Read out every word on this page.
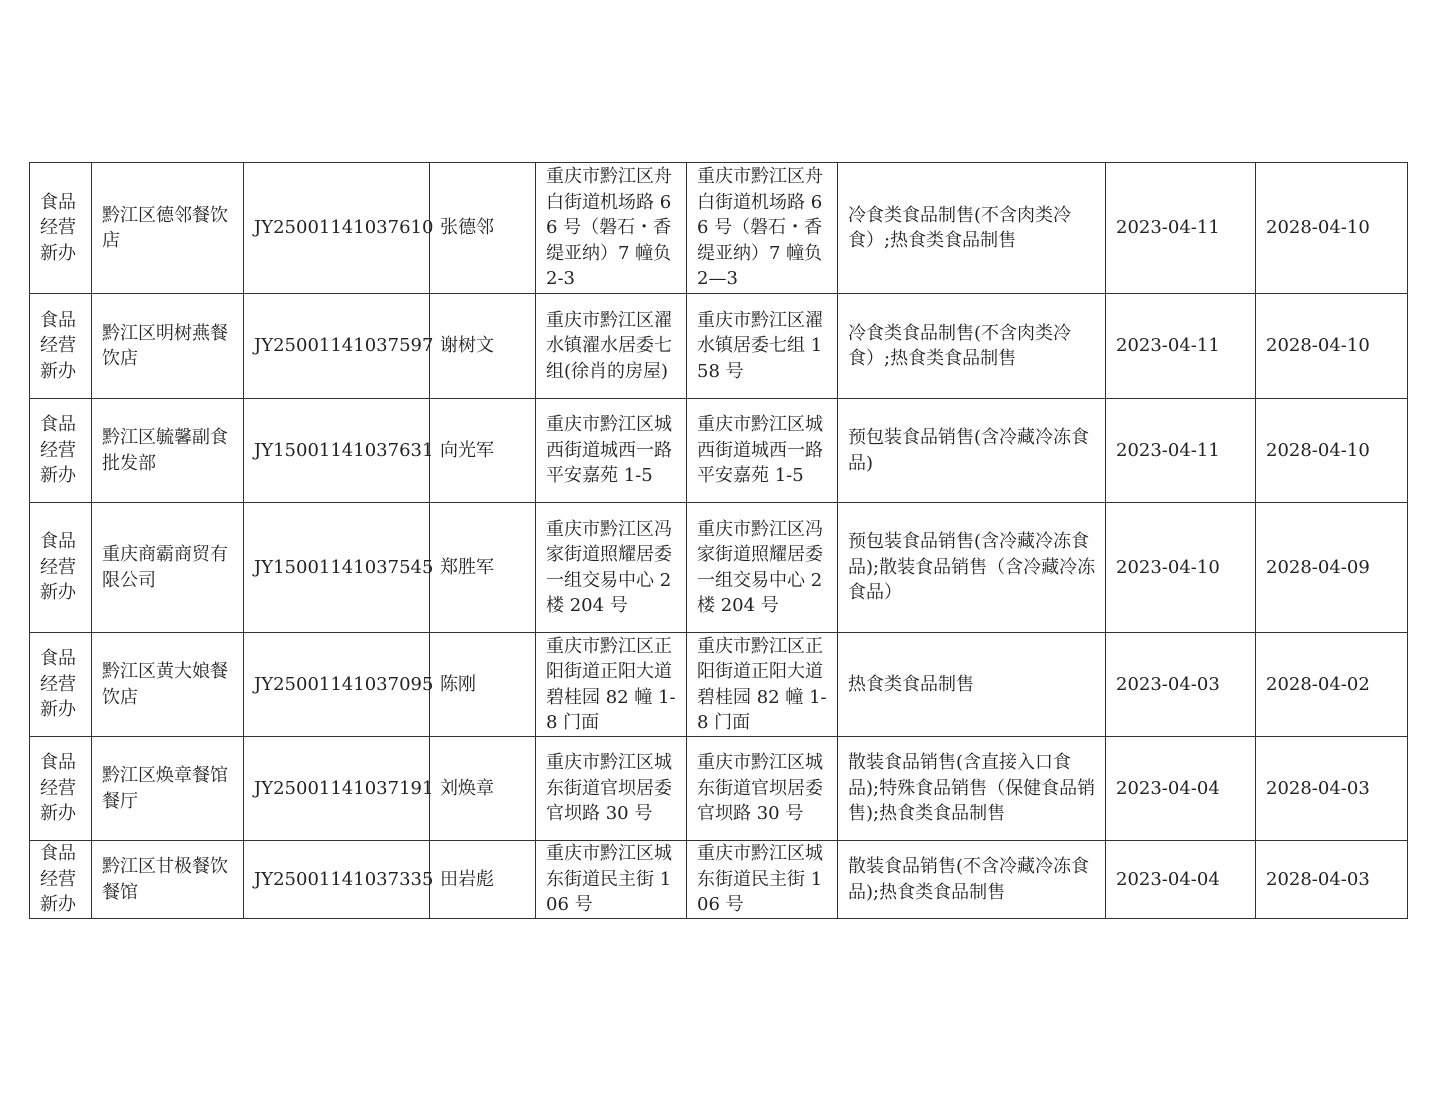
食品经营新办	黔江区德邻餐饮店	JY25001141037610	张德邻	重庆市黔江区舟白街道机场路 66 号（磐石・香缇亚纳）7 幢负 2-3	重庆市黔江区舟白街道机场路 66 号（磐石・香缇亚纳）7 幢负 2—3	冷食类食品制售(不含肉类冷食）;热食类食品制售	2023-04-11	2028-04-10
食品经营新办	黔江区明树燕餐饮店	JY25001141037597	谢树文	重庆市黔江区濯水镇濯水居委七组(徐肖的房屋)	重庆市黔江区濯水镇居委七组 158 号	冷食类食品制售(不含肉类冷食）;热食类食品制售	2023-04-11	2028-04-10
食品经营新办	黔江区毓馨副食批发部	JY15001141037631	向光军	重庆市黔江区城西街道城西一路平安嘉苑 1-5	重庆市黔江区城西街道城西一路平安嘉苑 1-5	预包装食品销售(含冷藏冷冻食品)	2023-04-11	2028-04-10
食品经营新办	重庆商霸商贸有限公司	JY15001141037545	郑胜军	重庆市黔江区冯家街道照耀居委一组交易中心 2 楼 204 号	重庆市黔江区冯家街道照耀居委一组交易中心 2 楼 204 号	预包装食品销售(含冷藏冷冻食品);散装食品销售（含冷藏冷冻食品）	2023-04-10	2028-04-09
食品经营新办	黔江区黄大娘餐饮店	JY25001141037095	陈刚	重庆市黔江区正阳街道正阳大道碧桂园 82 幢 1-8 门面	重庆市黔江区正阳街道正阳大道碧桂园 82 幢 1-8 门面	热食类食品制售	2023-04-03	2028-04-02
食品经营新办	黔江区焕章餐馆餐厅	JY25001141037191	刘焕章	重庆市黔江区城东街道官坝居委官坝路 30 号	重庆市黔江区城东街道官坝居委官坝路 30 号	散装食品销售(含直接入口食品);特殊食品销售（保健食品销售);热食类食品制售	2023-04-04	2028-04-03
食品经营新办	黔江区甘极餐饮餐馆	JY25001141037335	田岩彪	重庆市黔江区城东街道民主街 106 号	重庆市黔江区城东街道民主街 106 号	散装食品销售(不含冷藏冷冻食品);热食类食品制售	2023-04-04	2028-04-03
